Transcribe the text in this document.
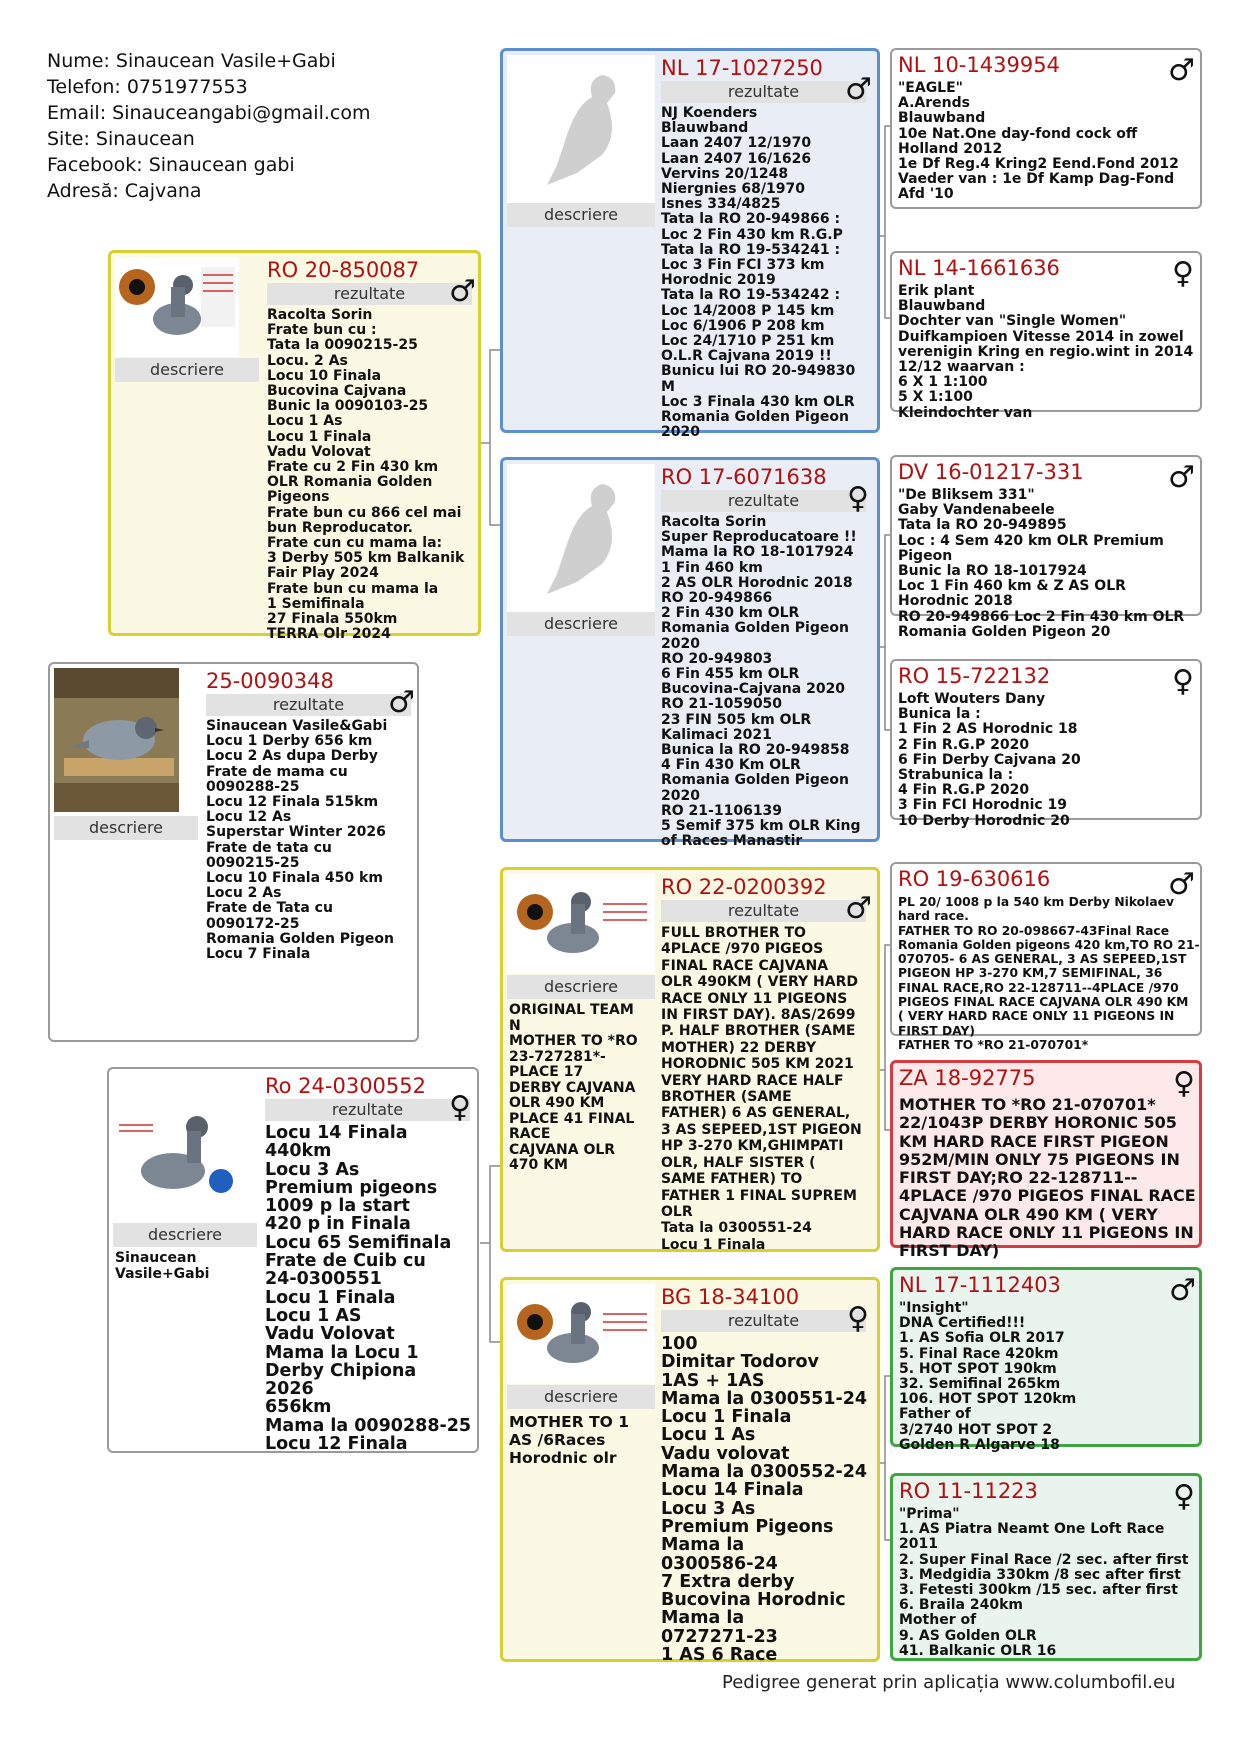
Nume: Sinaucean Vasile+Gabi
Telefon: 0751977553
Email: Sinauceangabi@gmail.com
Site: Sinaucean
Facebook: Sinaucean gabi
Adresă: Cajvana
descriere
25-0090348
rezultate	♂
Sinaucean Vasile&Gabi
Locu 1 Derby 656 km
Locu 2 As dupa Derby
Frate de mama cu
0090288-25
Locu 12 Finala 515km
Locu 12 As
Superstar Winter 2026
Frate de tata cu
0090215-25
Locu 10 Finala 450 km
Locu 2 As
Frate de Tata cu
0090172-25
Romania Golden Pigeon
Locu 7 Finala
descriere
RO 20-850087
rezultate	♂
Racolta Sorin
Frate bun cu :
Tata la 0090215-25
Locu. 2 As
Locu 10 Finala
Bucovina Cajvana
Bunic la 0090103-25
Locu 1 As
Locu 1 Finala
Vadu Volovat
Frate cu 2 Fin 430 km
OLR Romania Golden
Pigeons
Frate bun cu 866 cel mai
bun Reproducator.
Frate cun cu mama la:
3 Derby 505 km Balkanik
Fair Play 2024
Frate bun cu mama la
1 Semifinala
27 Finala 550km
TERRA Olr 2024
descriere
Sinaucean
Vasile+Gabi
Ro 24-0300552
rezultate	♀
Locu 14 Finala
440km
Locu 3 As
Premium pigeons
1009 p la start
420 p in Finala
Locu 65 Semifinala
Frate de Cuib cu
24-0300551
Locu 1 Finala
Locu 1 AS
Vadu Volovat
Mama la Locu 1
Derby Chipiona
2026
656km
Mama la 0090288-25
Locu 12 Finala
descriere
NL 17-1027250
rezultate	♂
NJ Koenders
Blauwband
Laan 2407 12/1970
Laan 2407 16/1626
Vervins 20/1248
Niergnies 68/1970
Isnes 334/4825
Tata la RO 20-949866 :
Loc 2 Fin 430 km R.G.P
Tata la RO 19-534241 :
Loc 3 Fin FCI 373 km
Horodnic 2019
Tata la RO 19-534242 :
Loc 14/2008 P 145 km
Loc 6/1906 P 208 km
Loc 24/1710 P 251 km
O.L.R Cajvana 2019 !!
Bunicu lui RO 20-949830
M
Loc 3 Finala 430 km OLR
Romania Golden Pigeon
2020
descriere
RO 17-6071638
rezultate	♀
Racolta Sorin
Super Reproducatoare !!
Mama la RO 18-1017924
1 Fin 460 km
2 AS OLR Horodnic 2018
RO 20-949866
2 Fin 430 km OLR
Romania Golden Pigeon
2020
RO 20-949803
6 Fin 455 km OLR
Bucovina-Cajvana 2020
RO 21-1059050
23 FIN 505 km OLR
Kalimaci 2021
Bunica la RO 20-949858
4 Fin 430 Km OLR
Romania Golden Pigeon
2020
RO 21-1106139
5 Semif 375 km OLR King
of Races Manastir
descriere
ORIGINAL TEAM
N
MOTHER TO *RO
23-727281*-
PLACE 17
DERBY CAJVANA
OLR 490 KM
PLACE 41 FINAL
RACE
CAJVANA OLR
470 KM
RO 22-0200392
rezultate	♂
FULL BROTHER TO
4PLACE /970 PIGEOS
FINAL RACE CAJVANA
OLR 490KM ( VERY HARD
RACE ONLY 11 PIGEONS
IN FIRST DAY). 8AS/2699
P. HALF BROTHER (SAME
MOTHER) 22 DERBY
HORODNIC 505 KM 2021
VERY HARD RACE HALF
BROTHER (SAME
FATHER) 6 AS GENERAL,
3 AS SEPEED,1ST PIGEON
HP 3-270 KM,GHIMPATI
OLR, HALF SISTER (
SAME FATHER) TO
FATHER 1 FINAL SUPREM
OLR
Tata la 0300551-24
Locu 1 Finala
descriere
MOTHER TO 1
AS /6Races
Horodnic olr
BG 18-34100
rezultate	♀
100
Dimitar Todorov
1AS + 1AS
Mama la 0300551-24
Locu 1 Finala
Locu 1 As
Vadu volovat
Mama la 0300552-24
Locu 14 Finala
Locu 3 As
Premium Pigeons
Mama la
0300586-24
7 Extra derby
Bucovina Horodnic
Mama la
0727271-23
1 AS 6 Race
NL 10-1439954	♂
"EAGLE"
A.Arends
Blauwband
10e Nat.One day-fond cock off
Holland 2012
1e Df Reg.4 Kring2 Eend.Fond 2012
Vaeder van : 1e Df Kamp Dag-Fond
Afd '10
NL 14-1661636	♀
Erik plant
Blauwband
Dochter van "Single Women"
Duifkampioen Vitesse 2014 in zowel
verenigin Kring en regio.wint in 2014
12/12 waarvan :
6 X 1 1:100
5 X 1:100
Kleindochter van
DV 16-01217-331	♂
"De Bliksem 331"
Gaby Vandenabeele
Tata la RO 20-949895
Loc : 4 Sem 420 km OLR Premium
Pigeon
Bunic la RO 18-1017924
Loc 1 Fin 460 km & Z AS OLR
Horodnic 2018
RO 20-949866 Loc 2 Fin 430 km OLR
Romania Golden Pigeon 20
RO 15-722132	♀
Loft Wouters Dany
Bunica la :
1 Fin 2 AS Horodnic 18
2 Fin R.G.P 2020
6 Fin Derby Cajvana 20
Strabunica la :
4 Fin R.G.P 2020
3 Fin FCI Horodnic 19
10 Derby Horodnic 20
RO 19-630616	♂
PL 20/ 1008 p la 540 km Derby Nikolaev
hard race.
FATHER TO RO 20-098667-43Final Race
Romania Golden pigeons 420 km,TO RO 21-
070705- 6 AS GENERAL, 3 AS SEPEED,1ST
PIGEON HP 3-270 KM,7 SEMIFINAL, 36
FINAL RACE,RO 22-128711--4PLACE /970
PIGEOS FINAL RACE CAJVANA OLR 490 KM
( VERY HARD RACE ONLY 11 PIGEONS IN
FIRST DAY)
FATHER TO *RO 21-070701*
ZA 18-92775	♀
MOTHER TO *RO 21-070701*
22/1043P DERBY HORONIC 505
KM HARD RACE FIRST PIGEON
952M/MIN ONLY 75 PIGEONS IN
FIRST DAY;RO 22-128711--
4PLACE /970 PIGEOS FINAL RACE
CAJVANA OLR 490 KM ( VERY
HARD RACE ONLY 11 PIGEONS IN
FIRST DAY)
NL 17-1112403	♂
"Insight"
DNA Certified!!!
1. AS Sofia OLR 2017
5. Final Race 420km
5. HOT SPOT 190km
32. Semifinal 265km
106. HOT SPOT 120km
Father of
3/2740 HOT SPOT 2
Golden R Algarve 18
RO 11-11223	♀
"Prima"
1. AS Piatra Neamt One Loft Race
2011
2. Super Final Race /2 sec. after first
3. Medgidia 330km /8 sec after first
3. Fetesti 300km /15 sec. after first
6. Braila 240km
Mother of
9. AS Golden OLR
41. Balkanic OLR 16
Pedigree generat prin aplicația www.columbofil.eu
